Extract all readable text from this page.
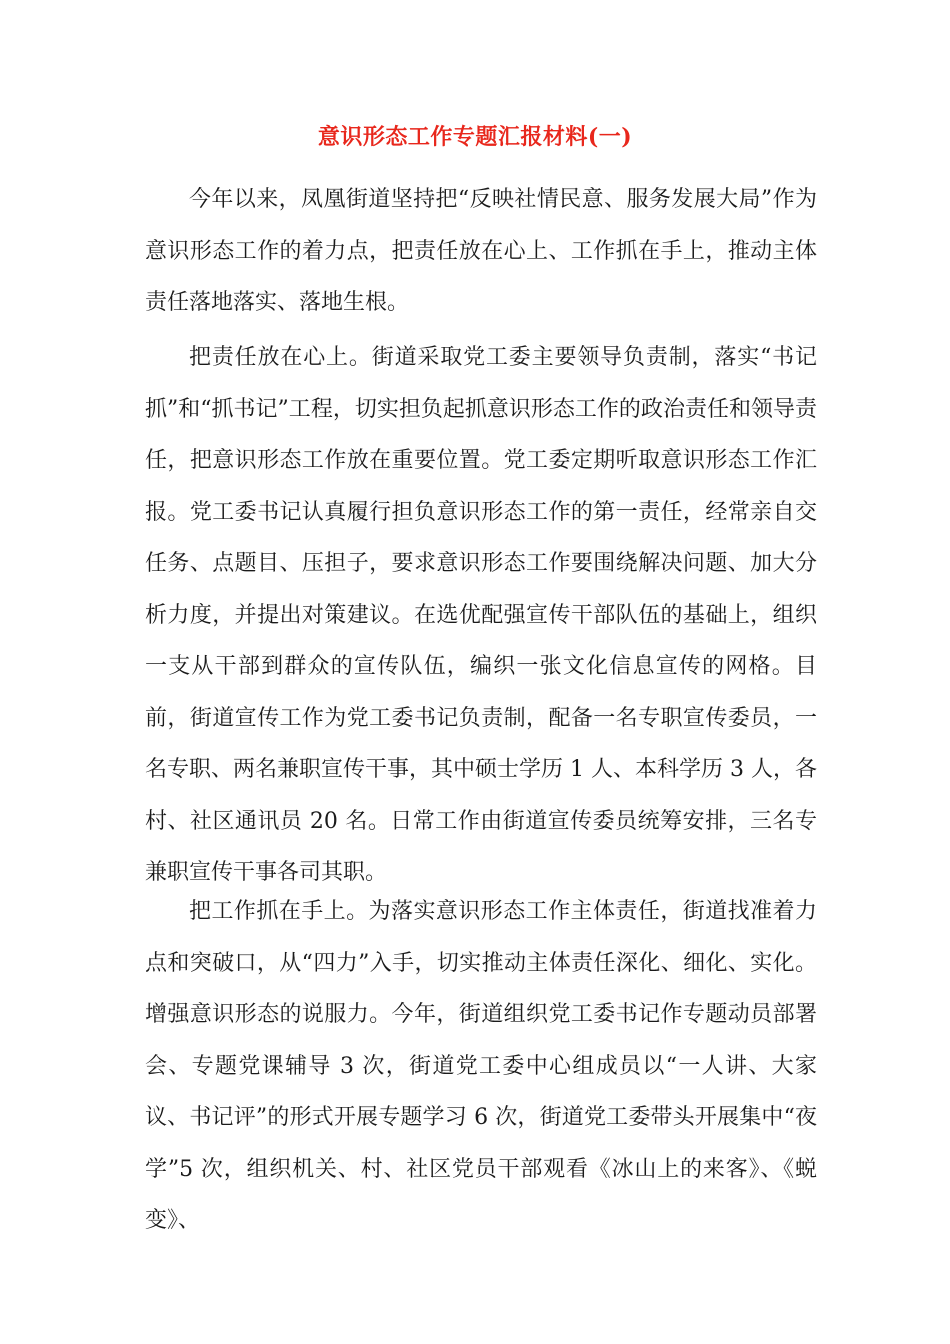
意识形态工作专题汇报材料(一)

今年以来，凤凰街道坚持把“反映社情民意、服务发展大局”作为意识形态工作的着力点，把责任放在心上、工作抓在手上，推动主体责任落地落实、落地生根。

把责任放在心上。街道采取党工委主要领导负责制，落实“书记抓”和“抓书记”工程，切实担负起抓意识形态工作的政治责任和领导责任，把意识形态工作放在重要位置。党工委定期听取意识形态工作汇报。党工委书记认真履行担负意识形态工作的第一责任，经常亲自交任务、点题目、压担子，要求意识形态工作要围绕解决问题、加大分析力度，并提出对策建议。在选优配强宣传干部队伍的基础上，组织一支从干部到群众的宣传队伍，编织一张文化信息宣传的网格。目前，街道宣传工作为党工委书记负责制，配备一名专职宣传委员，一名专职、两名兼职宣传干事，其中硕士学历 1 人、本科学历 3 人，各村、社区通讯员 20 名。日常工作由街道宣传委员统筹安排，三名专兼职宣传干事各司其职。

把工作抓在手上。为落实意识形态工作主体责任，街道找准着力点和突破口，从“四力”入手，切实推动主体责任深化、细化、实化。增强意识形态的说服力。今年，街道组织党工委书记作专题动员部署会、专题党课辅导 3 次，街道党工委中心组成员以“一人讲、大家议、书记评”的形式开展专题学习 6 次，街道党工委带头开展集中“夜学”5 次，组织机关、村、社区党员干部观看《冰山上的来客》、《蜕变》、
